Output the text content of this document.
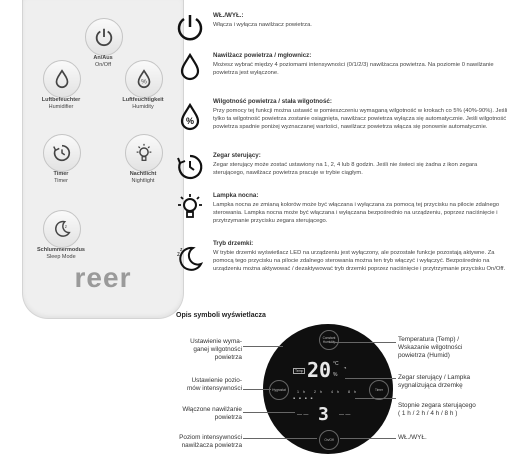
An/Aus
On/Off
Luftbefeuchter
Humidifier
%
Luftfeuchtigkeit
Humidity
Timer
Timer
Nachtlicht
Nightlight
z
Schlummermodus
Sleep Mode
reer
WŁ./WYŁ.:

Włącza i wyłącza nawilżacz powietrza.

Nawilżacz powietrza / mgłownicz:

Możesz wybrać między 4 poziomami intensywności (0/1/2/3) nawilżacza powietrza. Na poziomie 0 nawilżanie powietrza jest wyłączone.

%
Wilgotność powietrza / stała wilgotność:

Przy pomocy tej funkcji można ustawić w pomieszczeniu wymaganą wilgotność w krokach co 5% (40%-90%). Jeśli tylko ta wilgotność powietrza zostanie osiągnięta, nawilżacz powietrza wyłącza się automatycznie. Jeśli wilgotność powietrza spadnie poniżej wyznaczanej wartości, nawilżacz powietrza włącza się ponownie automatycznie.

Zegar sterujący:

Zegar sterujący może zostać ustawiony na 1, 2, 4 lub 8 godzin. Jeśli nie świeci się żadna z ikon zegara sterującego, nawilżacz powietrza pracuje w trybie ciągłym.

Lampka nocna:

Lampka nocna ze zmianą kolorów może być włączana i wyłączana za pomocą tej przycisku na pilocie zdalnego sterowania. Lampka nocna może być włączana i wyłączana bezpośrednio na urządzeniu, poprzez naciśnięcie i przytrzymanie przycisku zegara sterującego.

z
z
Tryb drzemki:

W trybie drzemki wyświetlacz LED na urządzeniu jest wyłączony, ale pozostałe funkcje pozostają aktywne. Za pomocą tego przycisku na pilocie zdalnego sterowania można ten tryb włączyć i wyłączyć. Bezpośrednio na urządzeniu można aktywować / dezaktywować tryb drzemki poprzez naciśnięcie i przytrzymanie przycisku On/Off.

Opis symboli wyświetlacza
Constant Humidity
Hygrostat	Timer
On/Off
Temp 20 °C
%
◔
1h 2h 4h 8h
▪ ▪ ▪ ▪
3
— —	— —
Ustawienie wyma-
ganej wilgotności
powietrza
Ustawienie pozio-
mów intensywności
Włączone nawilżanie
powietrza
Poziom intensywności
nawilżacza powietrza
Temperatura (Temp) /
Wskazanie wilgotności
powietrza (Humid)
Zegar sterujący / Lampka
sygnalizująca drzemkę
Stopnie zegara sterującego
( 1 h / 2 h / 4 h / 8 h )
WŁ./WYŁ.
